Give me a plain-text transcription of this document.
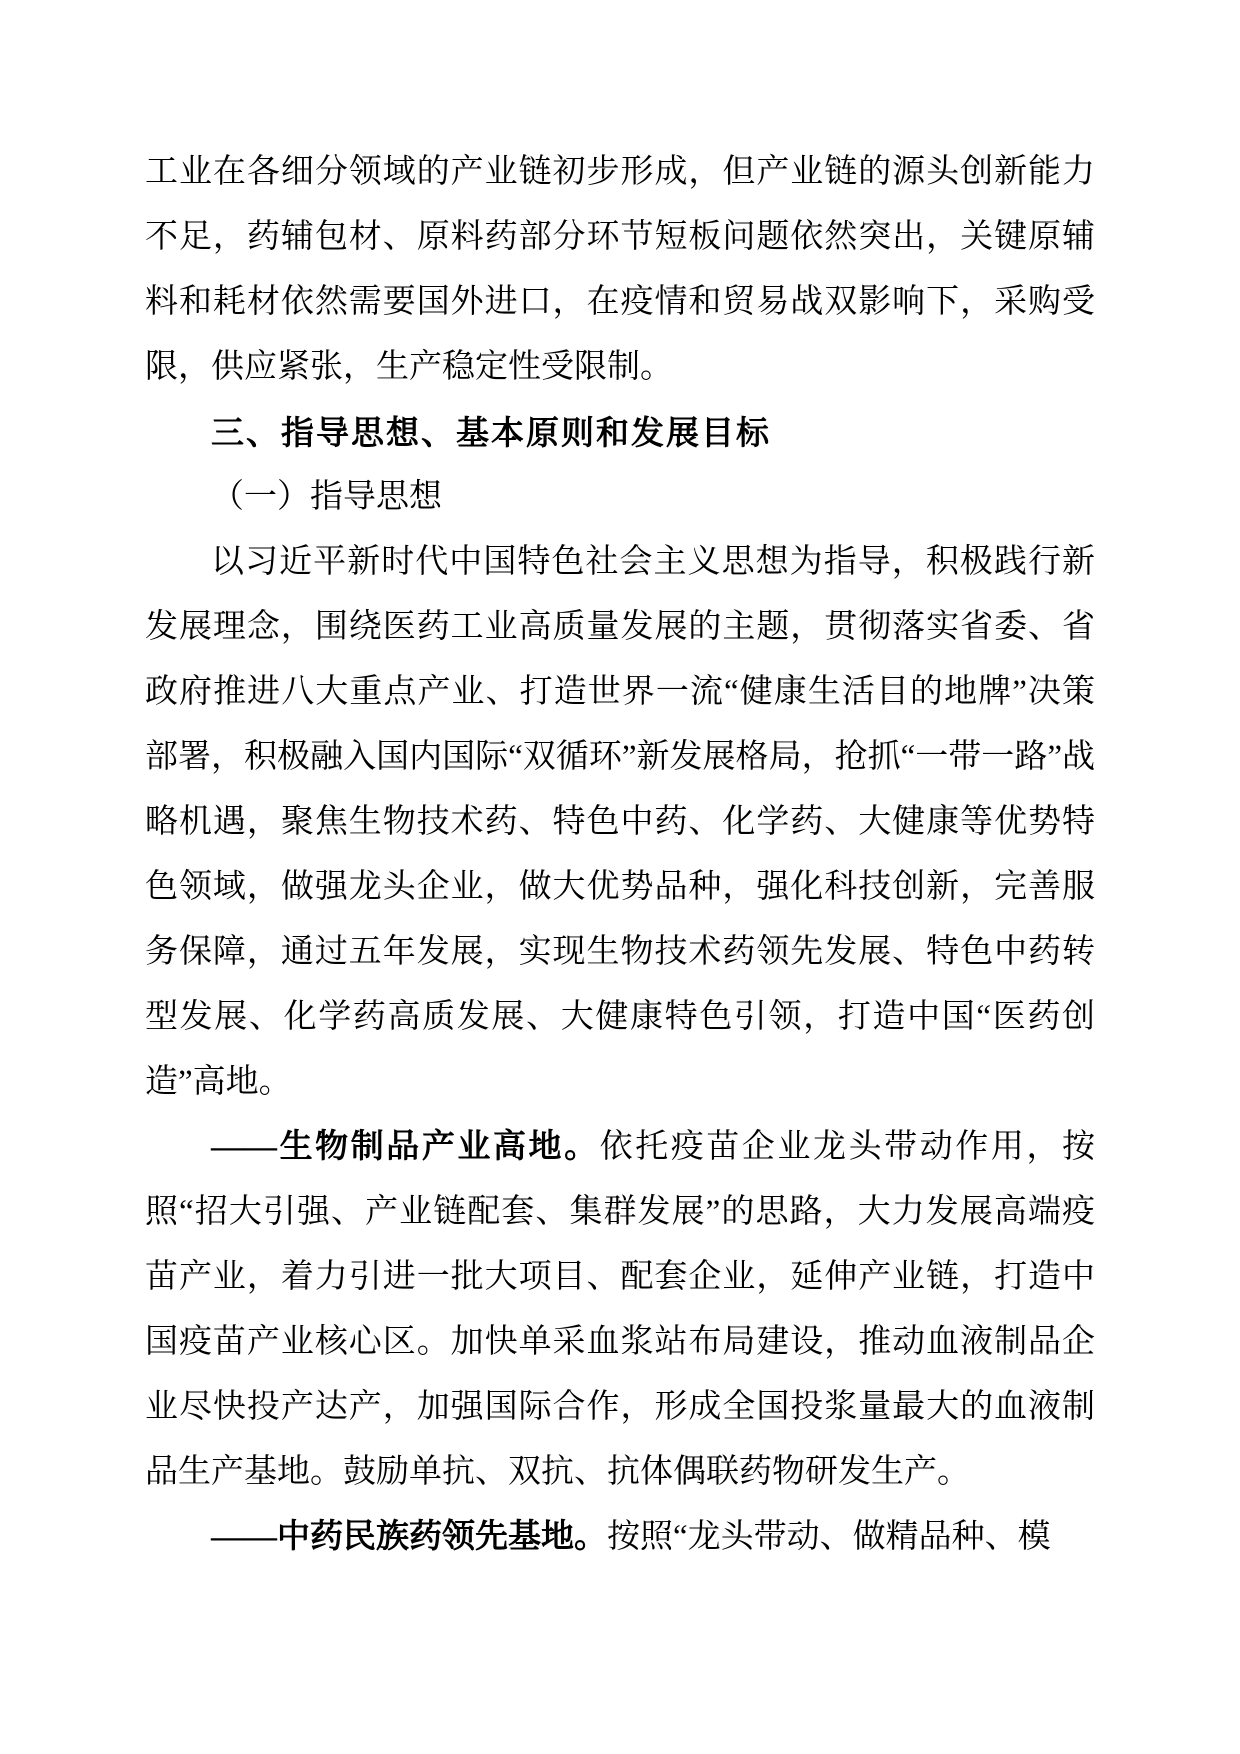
工业在各细分领域的产业链初步形成，但产业链的源头创新能力不足，药辅包材、原料药部分环节短板问题依然突出，关键原辅料和耗材依然需要国外进口，在疫情和贸易战双影响下，采购受限，供应紧张，生产稳定性受限制。

三、指导思想、基本原则和发展目标

（一）指导思想

以习近平新时代中国特色社会主义思想为指导，积极践行新发展理念，围绕医药工业高质量发展的主题，贯彻落实省委、省政府推进八大重点产业、打造世界一流“健康生活目的地牌”决策部署，积极融入国内国际“双循环”新发展格局，抢抓“一带一路”战略机遇，聚焦生物技术药、特色中药、化学药、大健康等优势特色领域，做强龙头企业，做大优势品种，强化科技创新，完善服务保障，通过五年发展，实现生物技术药领先发展、特色中药转型发展、化学药高质发展、大健康特色引领，打造中国“医药创造”高地。

——生物制品产业高地。依托疫苗企业龙头带动作用，按照“招大引强、产业链配套、集群发展”的思路，大力发展高端疫苗产业，着力引进一批大项目、配套企业，延伸产业链，打造中国疫苗产业核心区。加快单采血浆站布局建设，推动血液制品企业尽快投产达产，加强国际合作，形成全国投浆量最大的血液制品生产基地。鼓励单抗、双抗、抗体偶联药物研发生产。

——中药民族药领先基地。按照“龙头带动、做精品种、模
